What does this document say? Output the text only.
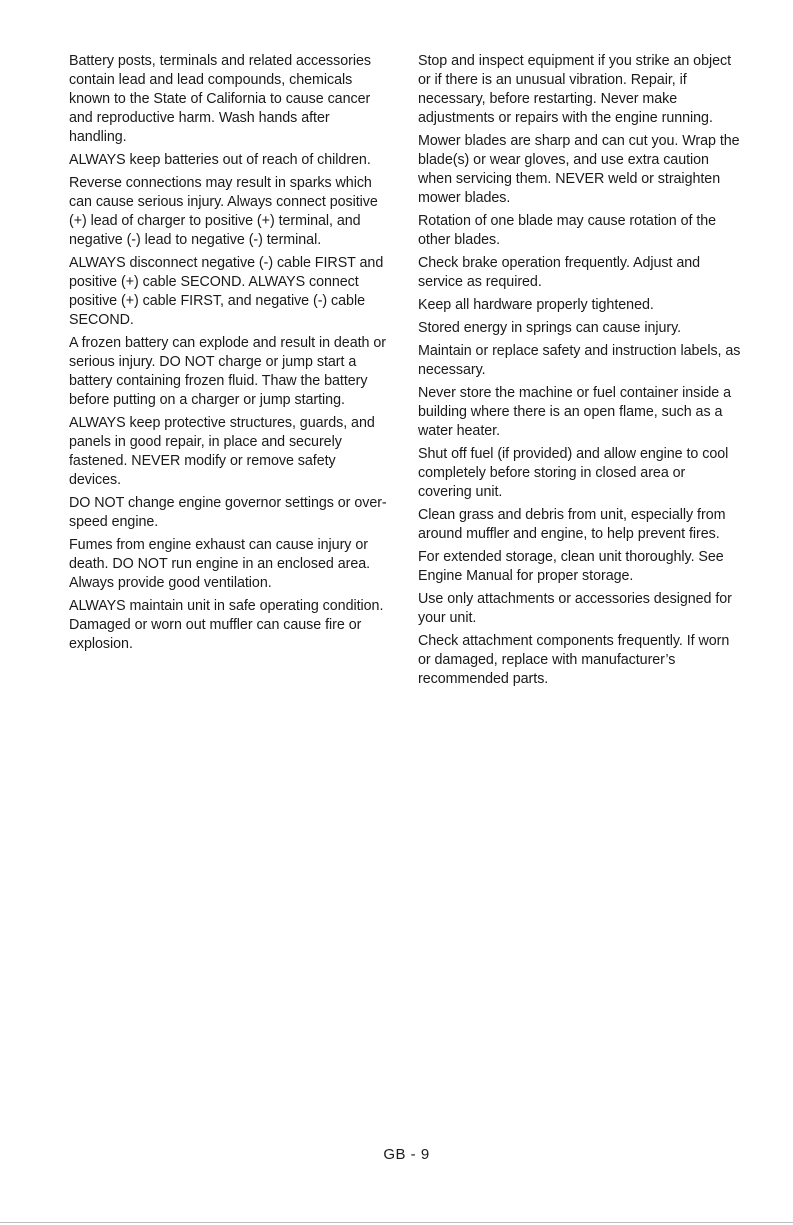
Battery posts, terminals and related accessories contain lead and lead compounds, chemicals known to the State of California to cause cancer and reproductive harm. Wash hands after handling.

ALWAYS keep batteries out of reach of children.

Reverse connections may result in sparks which can cause serious injury. Always connect positive (+) lead of charger to positive (+) terminal, and negative (-) lead to negative (-) terminal.

ALWAYS disconnect negative (-) cable FIRST and positive (+) cable SECOND. ALWAYS connect positive (+) cable FIRST, and negative (-) cable SECOND.

A frozen battery can explode and result in death or serious injury. DO NOT charge or jump start a battery containing frozen fluid. Thaw the battery before putting on a charger or jump starting.

ALWAYS keep protective structures, guards, and panels in good repair, in place and securely fastened. NEVER modify or remove safety devices.

DO NOT change engine governor settings or over-speed engine.

Fumes from engine exhaust can cause injury or death. DO NOT run engine in an enclosed area. Always provide good ventilation.

ALWAYS maintain unit in safe operating condition. Damaged or worn out muffler can cause fire or explosion.

Stop and inspect equipment if you strike an object or if there is an unusual vibration. Repair, if necessary, before restarting. Never make adjustments or repairs with the engine running.

Mower blades are sharp and can cut you. Wrap the blade(s) or wear gloves, and use extra caution when servicing them. NEVER weld or straighten mower blades.

Rotation of one blade may cause rotation of the other blades.

Check brake operation frequently. Adjust and service as required.

Keep all hardware properly tightened.

Stored energy in springs can cause injury.

Maintain or replace safety and instruction labels, as necessary.

Never store the machine or fuel container inside a building where there is an open flame, such as a water heater.

Shut off fuel (if provided) and allow engine to cool completely before storing in closed area or covering unit.

Clean grass and debris from unit, especially from around muffler and engine, to help prevent fires.

For extended storage, clean unit thoroughly. See Engine Manual for proper storage.

Use only attachments or accessories designed for your unit.

Check attachment components frequently. If worn or damaged, replace with manufacturer’s recommended parts.

GB - 9
